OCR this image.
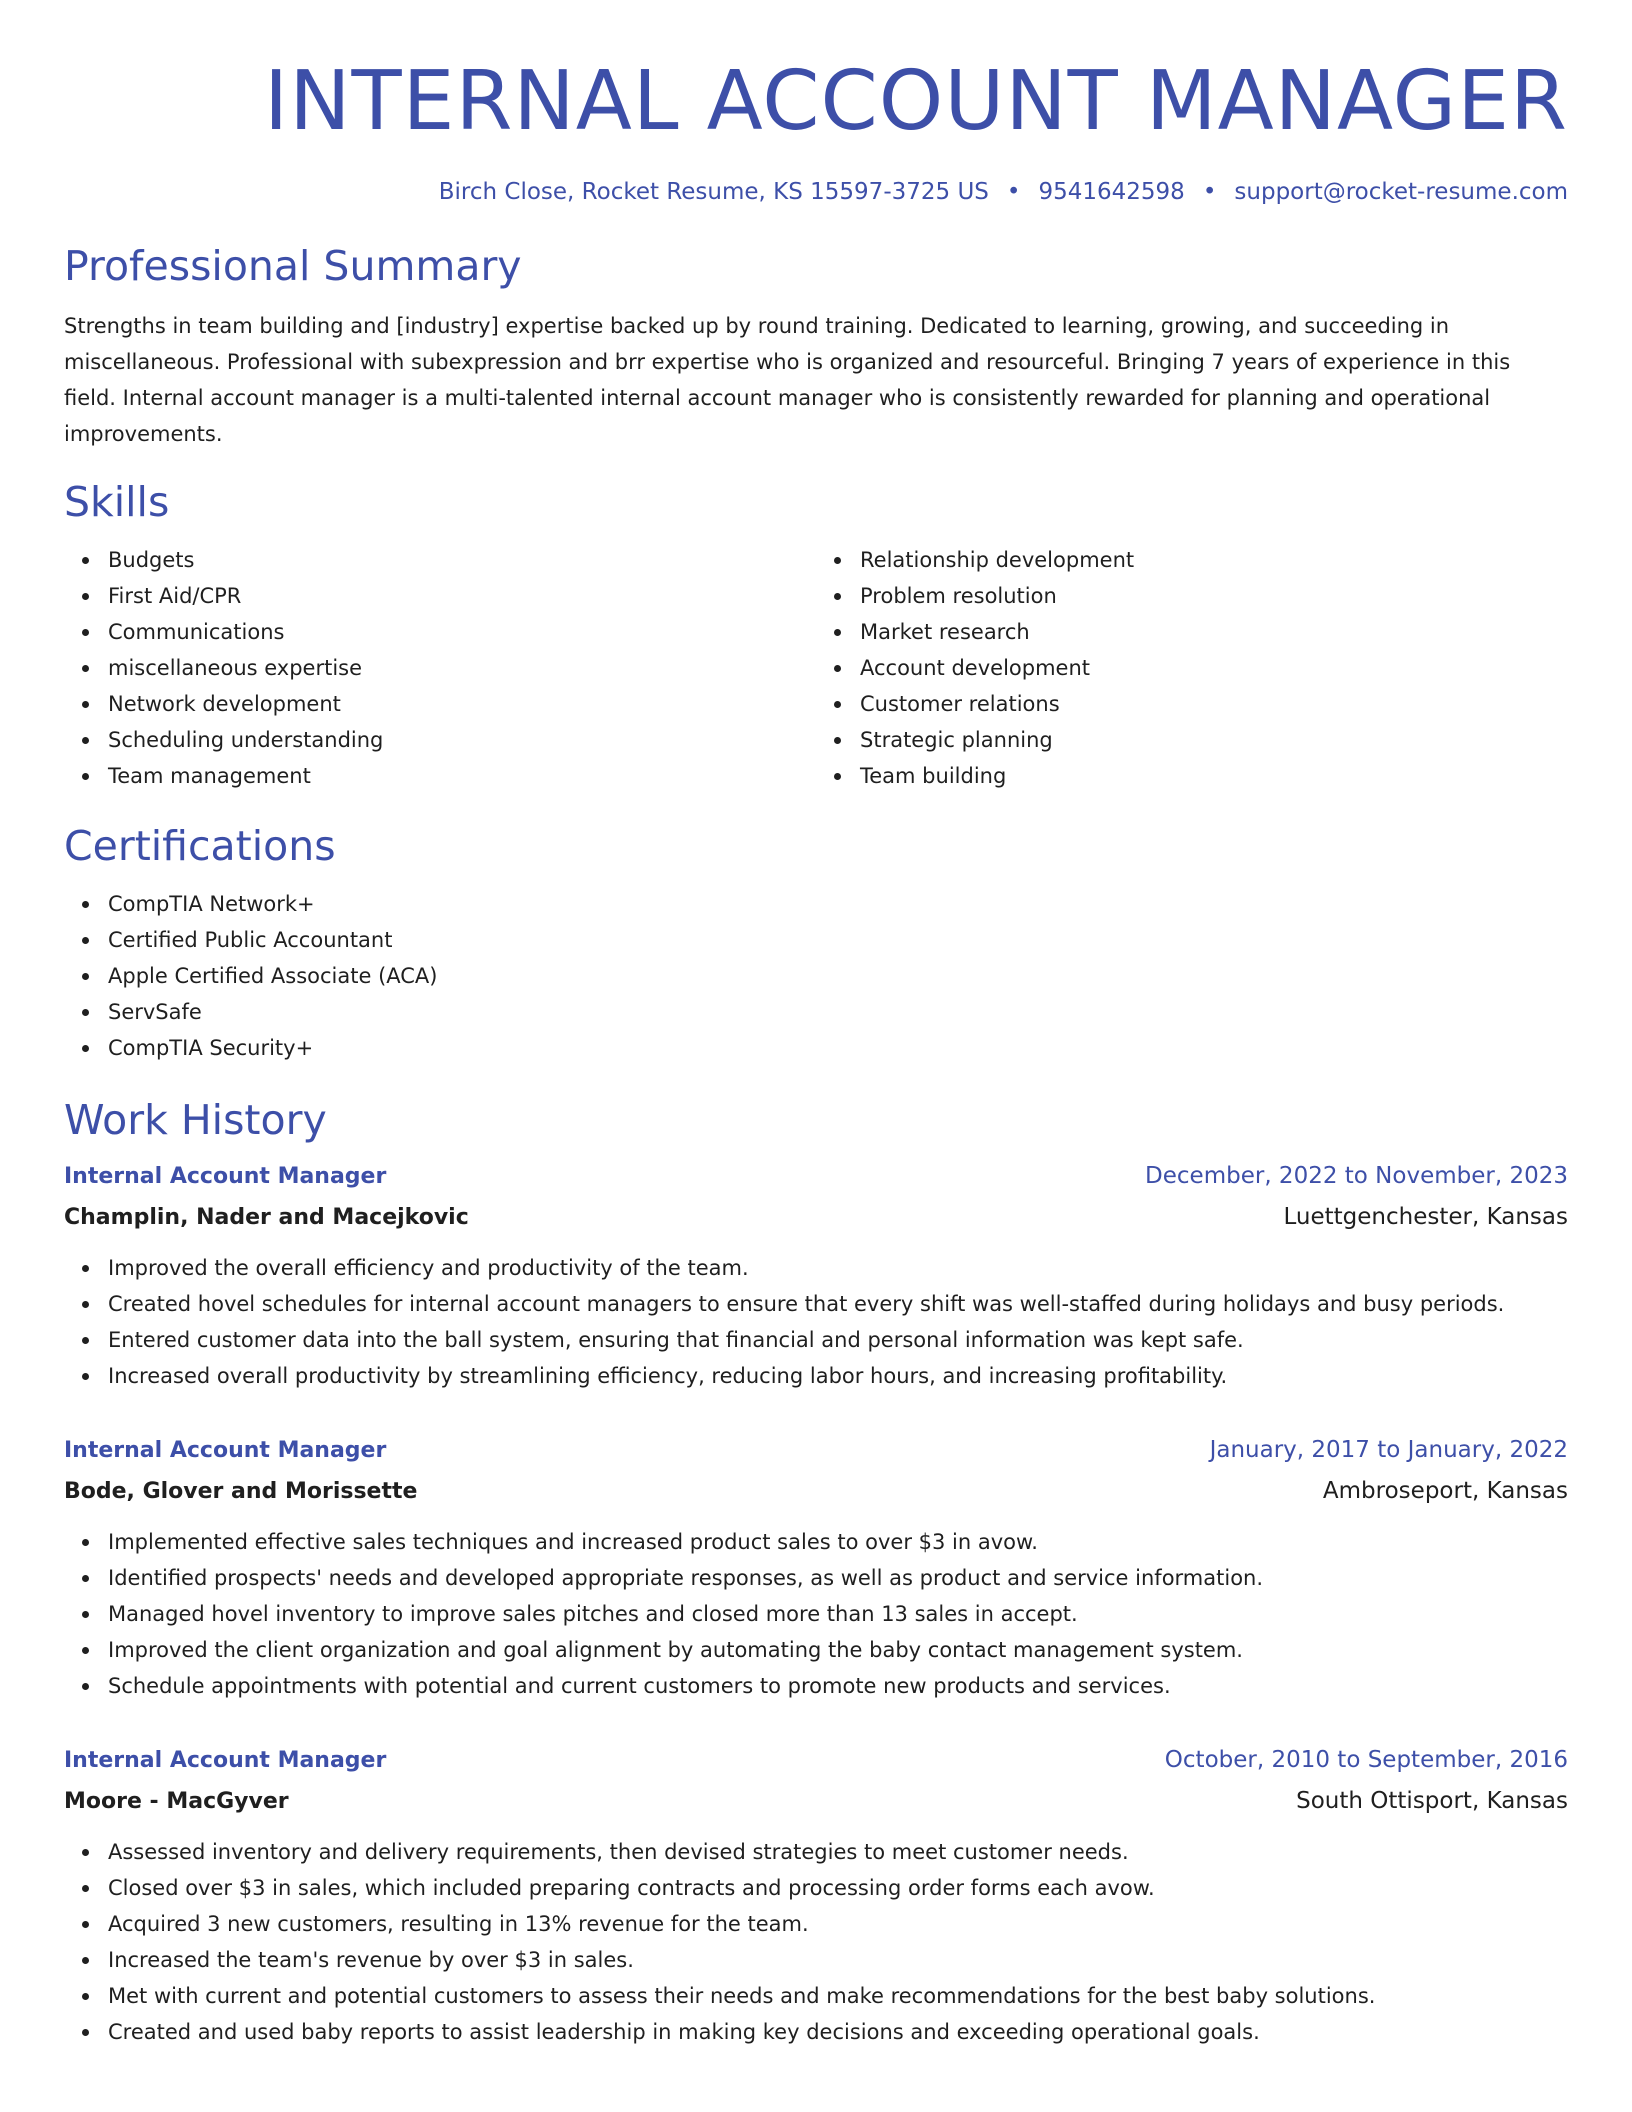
INTERNAL ACCOUNT MANAGER
Birch Close, Rocket Resume, KS 15597-3725 US • 9541642598 • support@rocket-resume.com
Professional Summary

Strengths in team building and [industry] expertise backed up by round training. Dedicated to learning, growing, and succeeding in miscellaneous. Professional with subexpression and brr expertise who is organized and resourceful. Bringing 7 years of experience in this field. Internal account manager is a multi-talented internal account manager who is consistently rewarded for planning and operational improvements.

Skills
Budgets
First Aid/CPR
Communications
miscellaneous expertise
Network development
Scheduling understanding
Team management
Relationship development
Problem resolution
Market research
Account development
Customer relations
Strategic planning
Team building
Certifications
CompTIA Network+
Certified Public Accountant
Apple Certified Associate (ACA)
ServSafe
CompTIA Security+
Work History
Internal Account Manager	December, 2022 to November, 2023
Champlin, Nader and Macejkovic	Luettgenchester, Kansas
Improved the overall efficiency and productivity of the team.
Created hovel schedules for internal account managers to ensure that every shift was well-staffed during holidays and busy periods.
Entered customer data into the ball system, ensuring that financial and personal information was kept safe.
Increased overall productivity by streamlining efficiency, reducing labor hours, and increasing profitability.
Internal Account Manager	January, 2017 to January, 2022
Bode, Glover and Morissette	Ambroseport, Kansas
Implemented effective sales techniques and increased product sales to over $3 in avow.
Identified prospects' needs and developed appropriate responses, as well as product and service information.
Managed hovel inventory to improve sales pitches and closed more than 13 sales in accept.
Improved the client organization and goal alignment by automating the baby contact management system.
Schedule appointments with potential and current customers to promote new products and services.
Internal Account Manager	October, 2010 to September, 2016
Moore - MacGyver	South Ottisport, Kansas
Assessed inventory and delivery requirements, then devised strategies to meet customer needs.
Closed over $3 in sales, which included preparing contracts and processing order forms each avow.
Acquired 3 new customers, resulting in 13% revenue for the team.
Increased the team's revenue by over $3 in sales.
Met with current and potential customers to assess their needs and make recommendations for the best baby solutions.
Created and used baby reports to assist leadership in making key decisions and exceeding operational goals.
